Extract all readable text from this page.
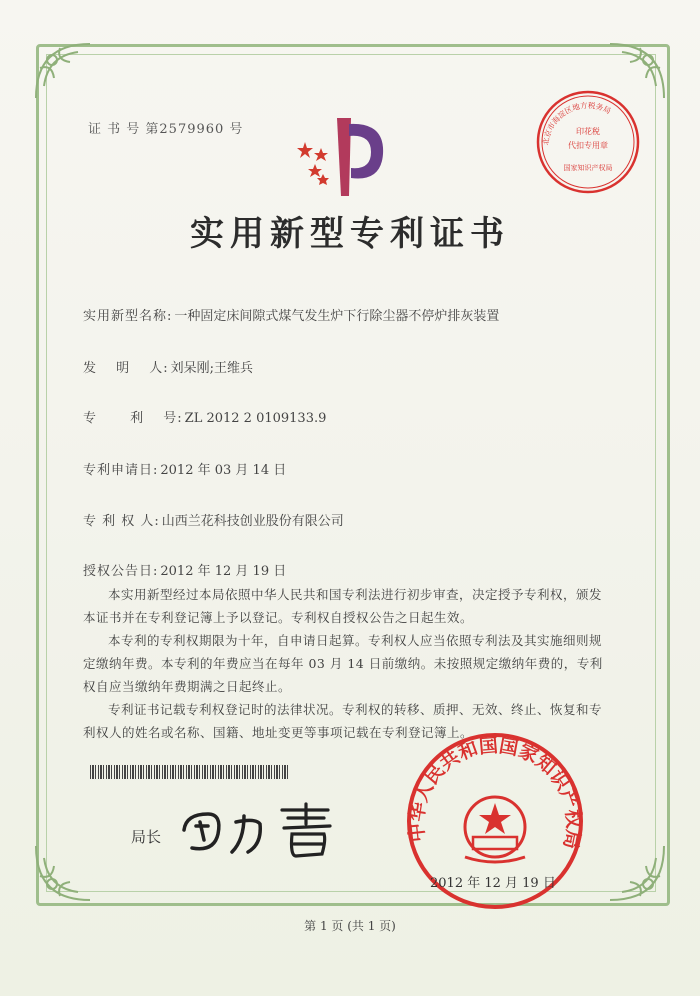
证 书 号 第2579960 号
北京市海淀区地方税务局
印花税
代扣专用章
国家知识产权局
实用新型专利证书
实用新型名称: 一种固定床间隙式煤气发生炉下行除尘器不停炉排灰装置
发　 明　 人: 刘呆刚;王维兵
专　 　利　 号: ZL 2012 2 0109133.9
专利申请日: 2012 年 03 月 14 日
专 利 权 人: 山西兰花科技创业股份有限公司
授权公告日: 2012 年 12 月 19 日

本实用新型经过本局依照中华人民共和国专利法进行初步审查，决定授予专利权，颁发本证书并在专利登记簿上予以登记。专利权自授权公告之日起生效。

本专利的专利权期限为十年，自申请日起算。专利权人应当依照专利法及其实施细则规定缴纳年费。本专利的年费应当在每年 03 月 14 日前缴纳。未按照规定缴纳年费的，专利权自应当缴纳年费期满之日起终止。

专利证书记载专利权登记时的法律状况。专利权的转移、质押、无效、终止、恢复和专利权人的姓名或名称、国籍、地址变更等事项记载在专利登记簿上。

中华人民共和国国家知识产权局
局长
2012 年 12 月 19 日
第 1 页 (共 1 页)
